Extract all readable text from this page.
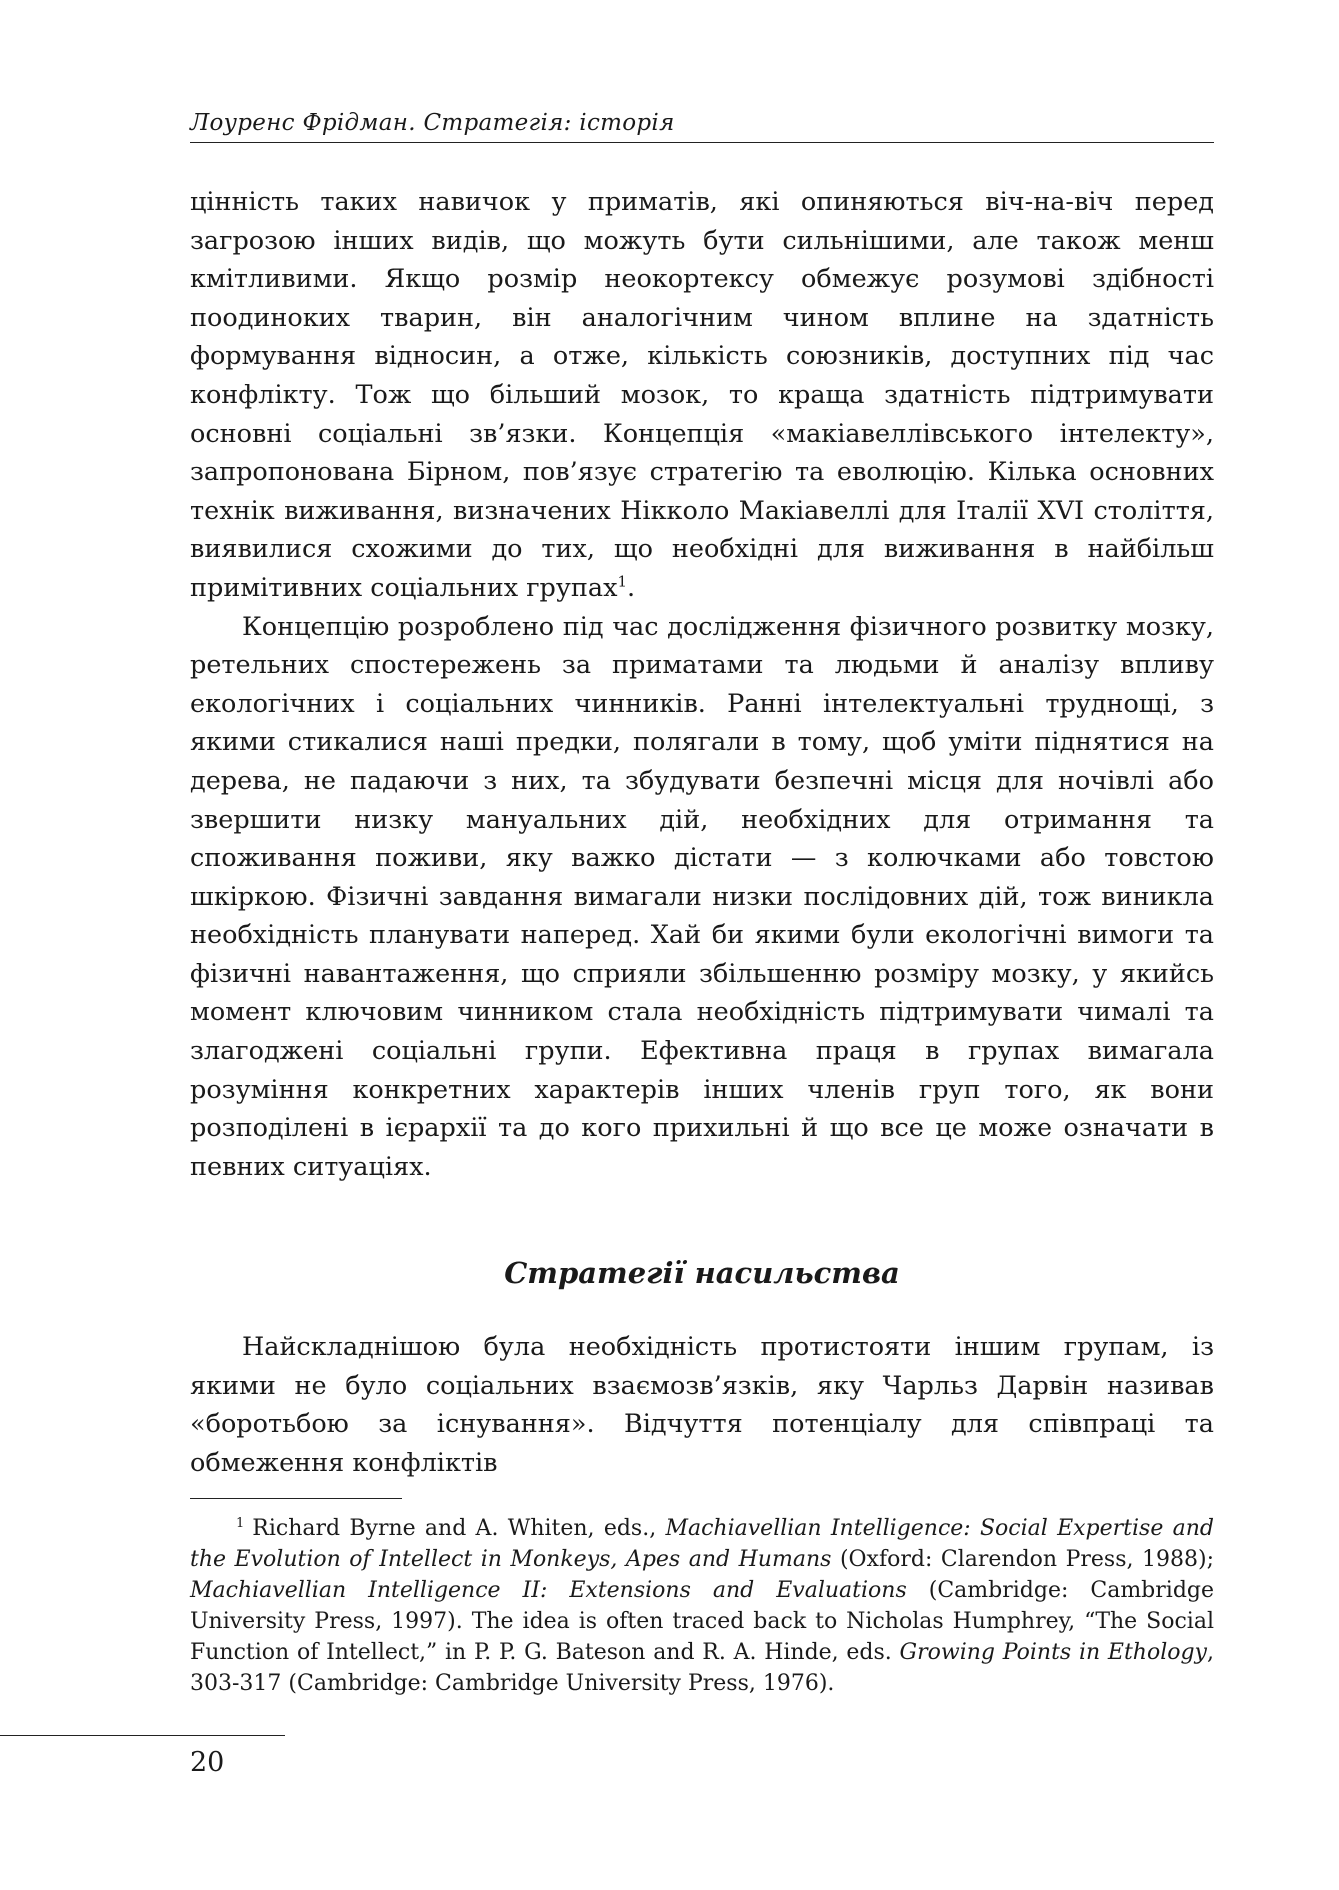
Лоуренс Фрідман. Стратегія: історія

цінність таких навичок у приматів, які опиняються віч-на-віч перед загрозою інших видів, що можуть бути сильнішими, але також менш кмітливими. Якщо розмір неокортексу обмежує розумові здібності поодиноких тварин, він аналогічним чином вплине на здатність формування відносин, а отже, кількість союзників, доступних під час конфлікту. Тож що більший мозок, то краща здатність підтримувати основні соціальні зв’язки. Концепція «макіавеллівського інтелекту», запропонована Бірном, пов’язує стратегію та еволюцію. Кілька основних технік виживання, визначених Нікколо Макіавеллі для Італії XVI століття, виявилися схожими до тих, що необхідні для виживання в найбільш примітивних соціальних групах$^1$.

Концепцію розроблено під час дослідження фізичного розвитку мозку, ретельних спостережень за приматами та людьми й аналізу впливу екологічних і соціальних чинників. Ранні інтелектуальні труднощі, з якими стикалися наші предки, полягали в тому, щоб уміти піднятися на дерева, не падаючи з них, та збудувати безпечні місця для ночівлі або звершити низку мануальних дій, необхідних для отримання та споживання поживи, яку важко дістати — з колючками або товстою шкіркою. Фізичні завдання вимагали низки послідовних дій, тож виникла необхідність планувати наперед. Хай би якими були екологічні вимоги та фізичні навантаження, що сприяли збільшенню розміру мозку, у якийсь момент ключовим чинником стала необхідність підтримувати чималі та злагоджені соціальні групи. Ефективна праця в групах вимагала розуміння конкретних характерів інших членів груп того, як вони розподілені в ієрархії та до кого прихильні й що все це може означати в певних ситуаціях.

Стратегії насильства

Найскладнішою була необхідність протистояти іншим групам, із якими не було соціальних взаємозв’язків, яку Чарльз Дарвін називав «боротьбою за існування». Відчуття потенціалу для співпраці та обмеження конфліктів

$^1$ Richard Byrne and A. Whiten, eds., Machiavellian Intelligence: Social Expertise and the Evolution of Intellect in Monkeys, Apes and Humans (Oxford: Clarendon Press, 1988); Machiavellian Intelligence II: Extensions and Evaluations (Cambridge: Cambridge University Press, 1997). The idea is often traced back to Nicholas Humphrey, “The Social Function of Intellect,” in P. P. G. Bateson and R. A. Hinde, eds. Growing Points in Ethology, 303-317 (Cambridge: Cambridge University Press, 1976).

20
